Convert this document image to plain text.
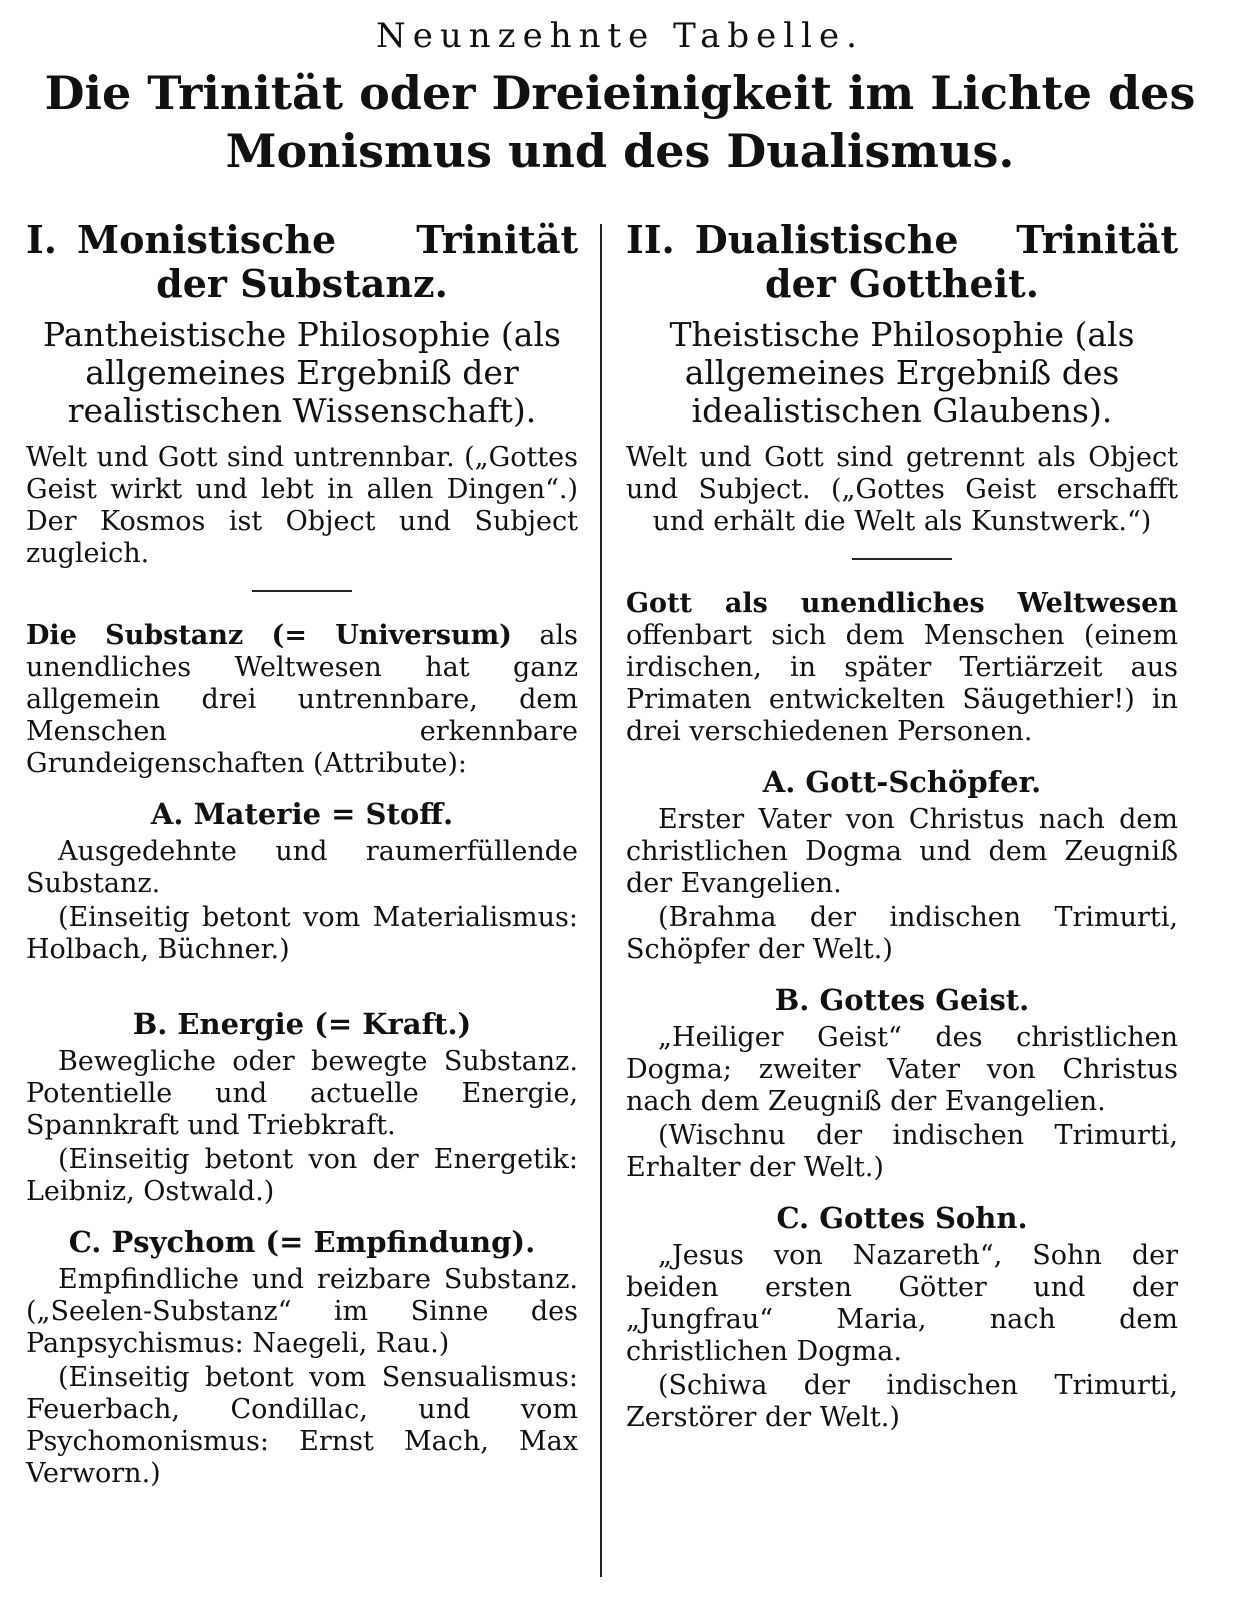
Neunzehnte Tabelle.

Die Trinität oder Dreieinigkeit im Lichte des Monismus und des Dualismus.
I. Monistische Trinität der Substanz.

Pantheistische Philosophie (als allgemeines Ergebniß der realistischen Wissenschaft).

Welt und Gott sind untrennbar. („Gottes Geist wirkt und lebt in allen Dingen“.) Der Kosmos ist Object und Subject zugleich.

Die Substanz (= Universum) als unendliches Weltwesen hat ganz allgemein drei untrennbare, dem Menschen erkennbare Grundeigenschaften (Attribute):

A. Materie = Stoff.

Ausgedehnte und raumerfüllende Substanz.

(Einseitig betont vom Materialismus: Holbach, Büchner.)

B. Energie (= Kraft.)

Bewegliche oder bewegte Substanz. Potentielle und actuelle Energie, Spannkraft und Triebkraft.

(Einseitig betont von der Energetik: Leibniz, Ostwald.)

C. Psychom (= Empfindung).

Empfindliche und reizbare Substanz. („Seelen-Substanz“ im Sinne des Panpsychismus: Naegeli, Rau.)

(Einseitig betont vom Sensualismus: Feuerbach, Condillac, und vom Psychomonismus: Ernst Mach, Max Verworn.)

II. Dualistische Trinität der Gottheit.

Theistische Philosophie (als allgemeines Ergebniß des idealistischen Glaubens).

Welt und Gott sind getrennt als Object und Subject. („Gottes Geist erschafft und erhält die Welt als Kunstwerk.“)

Gott als unendliches Weltwesen offenbart sich dem Menschen (einem irdischen, in später Tertiärzeit aus Primaten entwickelten Säugethier!) in drei verschiedenen Personen.

A. Gott-Schöpfer.

Erster Vater von Christus nach dem christlichen Dogma und dem Zeugniß der Evangelien.

(Brahma der indischen Trimurti, Schöpfer der Welt.)

B. Gottes Geist.

„Heiliger Geist“ des christlichen Dogma; zweiter Vater von Christus nach dem Zeugniß der Evangelien.

(Wischnu der indischen Trimurti, Erhalter der Welt.)

C. Gottes Sohn.

„Jesus von Nazareth“, Sohn der beiden ersten Götter und der „Jungfrau“ Maria, nach dem christlichen Dogma.

(Schiwa der indischen Trimurti, Zerstörer der Welt.)
